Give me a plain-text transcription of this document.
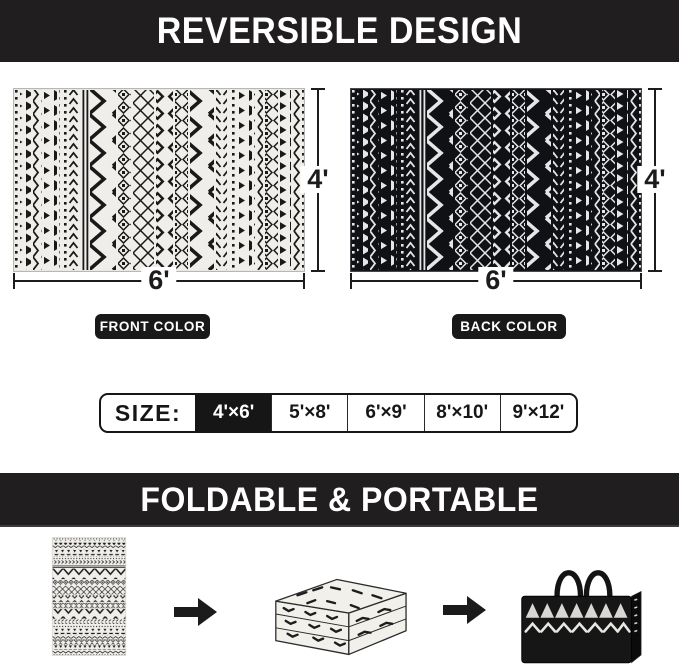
REVERSIBLE DESIGN
4'
6'
4'
6'
FRONT COLOR	BACK COLOR
SIZE:	4'×6'	5'×8'	6'×9'	8'×10'	9'×12'
FOLDABLE & PORTABLE
